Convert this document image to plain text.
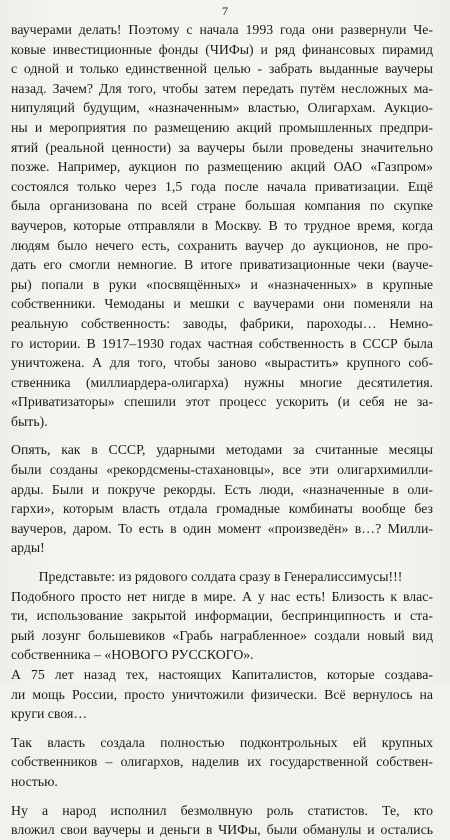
7
ваучерами делать! Поэтому с начала 1993 года они развернули Че-
ковые инвестиционные фонды (ЧИФы) и ряд финансовых пирамид
с одной и только единственной целью - забрать выданные ваучеры
назад. Зачем? Для того, чтобы затем передать путём несложных ма-
нипуляций будущим, «назначенным» властью, Олигархам. Аукцио-
ны и мероприятия по размещению акций промышленных предпри-
ятий (реальной ценности) за ваучеры были проведены значительно
позже. Например, аукцион по размещению акций ОАО «Газпром»
состоялся только через 1,5 года после начала приватизации. Ещё
была организована по всей стране большая компания по скупке
ваучеров, которые отправляли в Москву. В то трудное время, когда
людям было нечего есть, сохранить ваучер до аукционов, не про-
дать его смогли немногие. В итоге приватизационные чеки (ваучe-
ры) попали в руки «посвящённых» и «назначенных» в крупные
собственники. Чемоданы и мешки с ваучерами они поменяли на
реальную собственность: заводы, фабрики, пароходы… Немно-
го истории. В 1917–1930 годах частная собственность в СССР была
уничтожена. А для того, чтобы заново «вырастить» крупного соб-
ственника (миллиардера-олигарха) нужны многие десятилетия.
«Приватизаторы» спешили этот процесс ускорить (и себя не за-
быть).
Опять, как в СССР, ударными методами за считанные месяцы
были созданы «рекордсмены-стахановцы», все эти олигархимилли-
арды. Были и покруче рекорды. Есть люди, «назначенные в оли-
гархи», которым власть отдала громадные комбинаты вообще без
ваучеров, даром. То есть в один момент «произведён» в…? Милли-
арды!
Представьте: из рядового солдата сразу в Генералиссимусы!!!
Подобного просто нет нигде в мире. А у нас есть! Близость к влас-
ти, использование закрытой информации, беспринципность и ста-
рый лозунг большевиков «Грабь награбленное» создали новый вид
собственника – «НОВОГО РУССКОГО».
А 75 лет назад тех, настоящих Капиталистов, которые создава-
ли мощь России, просто уничтожили физически. Всё вернулось на
круги своя…
Так власть создала полностью подконтрольных ей крупных
собственников – олигархов, наделив их государственной собствен-
ностью.
Ну а народ исполнил безмолвную роль статистов. Те, кто
вложил свои ваучеры и деньги в ЧИФы, были обманулы и остались
